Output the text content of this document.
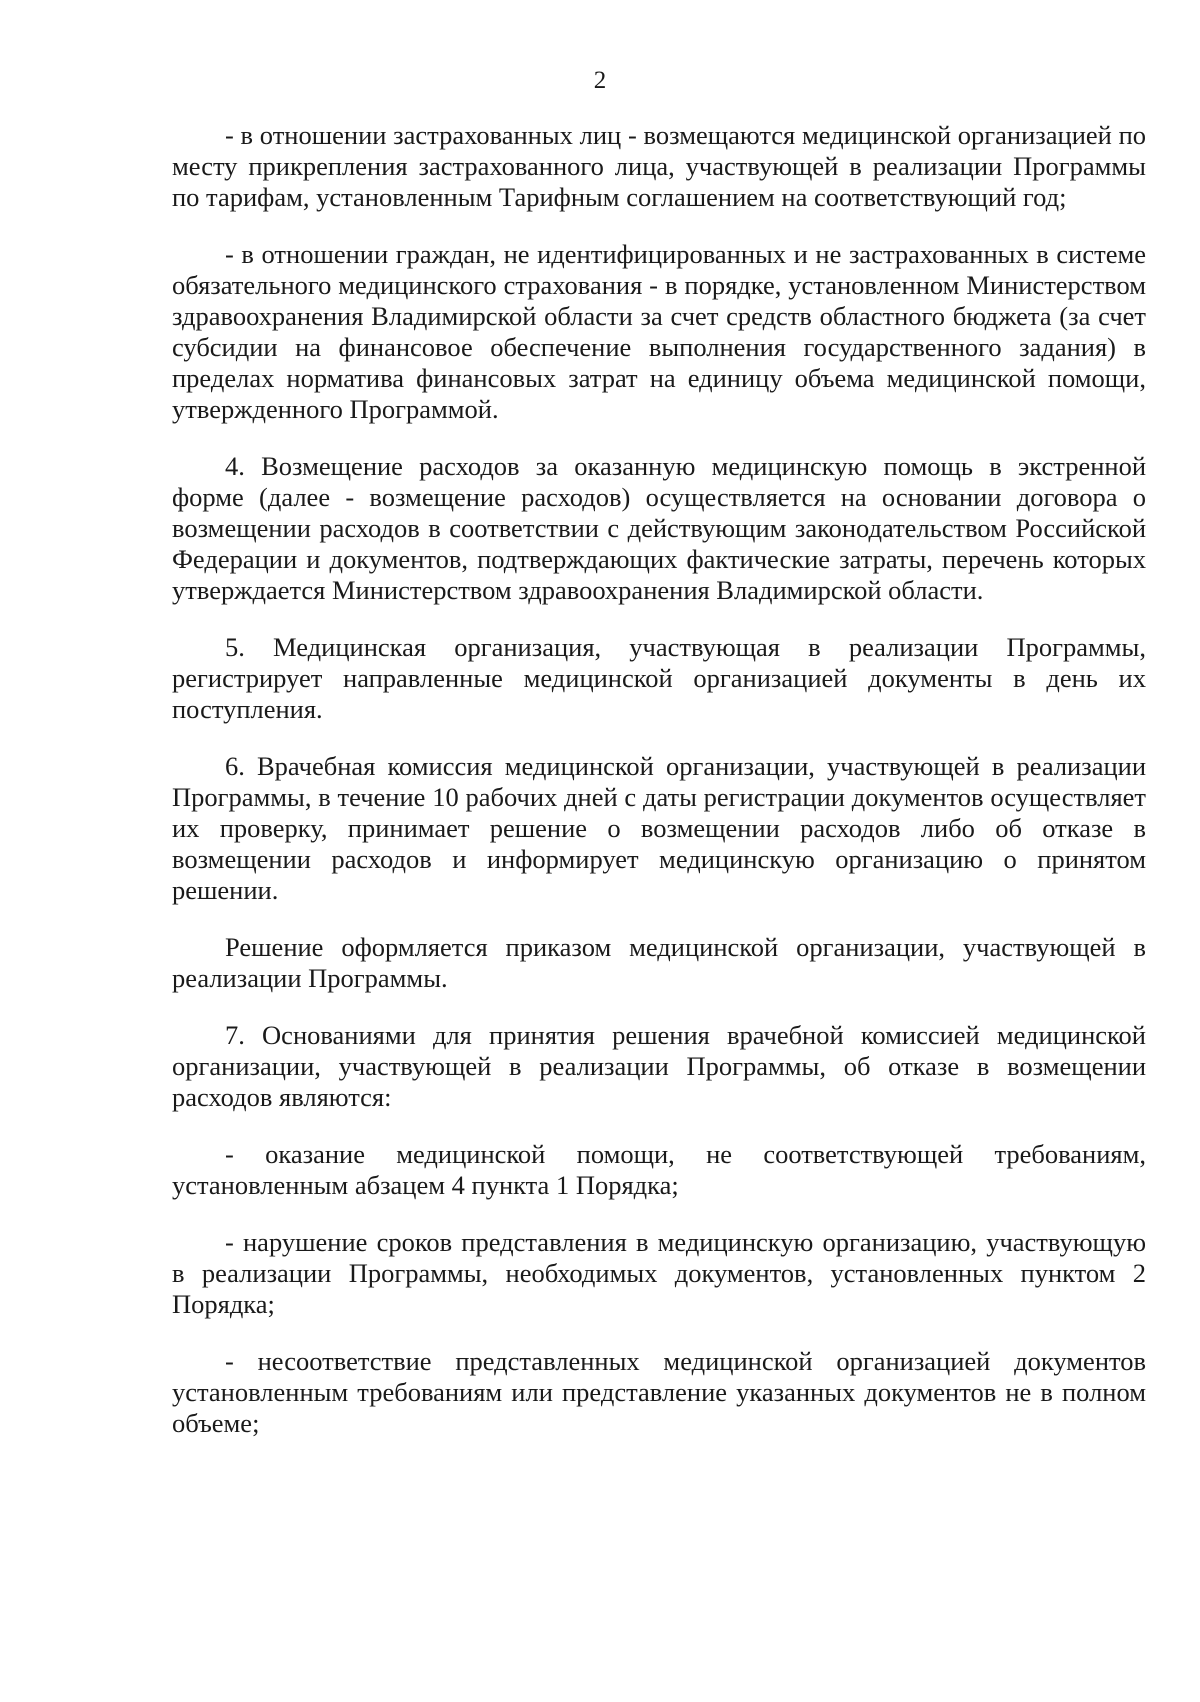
2

- в отношении застрахованных лиц - возмещаются медицинской организацией по месту прикрепления застрахованного лица, участвующей в реализации Программы по тарифам, установленным Тарифным соглашением на соответствующий год;

- в отношении граждан, не идентифицированных и не застрахованных в системе обязательного медицинского страхования - в порядке, установленном Министерством здравоохранения Владимирской области за счет средств областного бюджета (за счет субсидии на финансовое обеспечение выполнения государственного задания) в пределах норматива финансовых затрат на единицу объема медицинской помощи, утвержденного Программой.

4. Возмещение расходов за оказанную медицинскую помощь в экстренной форме (далее - возмещение расходов) осуществляется на основании договора о возмещении расходов в соответствии с действующим законодательством Российской Федерации и документов, подтверждающих фактические затраты, перечень которых утверждается Министерством здравоохранения Владимирской области.

5. Медицинская организация, участвующая в реализации Программы, регистрирует направленные медицинской организацией документы в день их поступления.

6. Врачебная комиссия медицинской организации, участвующей в реализации Программы, в течение 10 рабочих дней с даты регистрации документов осуществляет их проверку, принимает решение о возмещении расходов либо об отказе в возмещении расходов и информирует медицинскую организацию о принятом решении.

Решение оформляется приказом медицинской организации, участвующей в реализации Программы.

7. Основаниями для принятия решения врачебной комиссией медицинской организации, участвующей в реализации Программы, об отказе в возмещении расходов являются:

- оказание медицинской помощи, не соответствующей требованиям, установленным абзацем 4 пункта 1 Порядка;

- нарушение сроков представления в медицинскую организацию, участвующую в реализации Программы, необходимых документов, установленных пунктом 2 Порядка;

- несоответствие представленных медицинской организацией документов установленным требованиям или представление указанных документов не в полном объеме;
